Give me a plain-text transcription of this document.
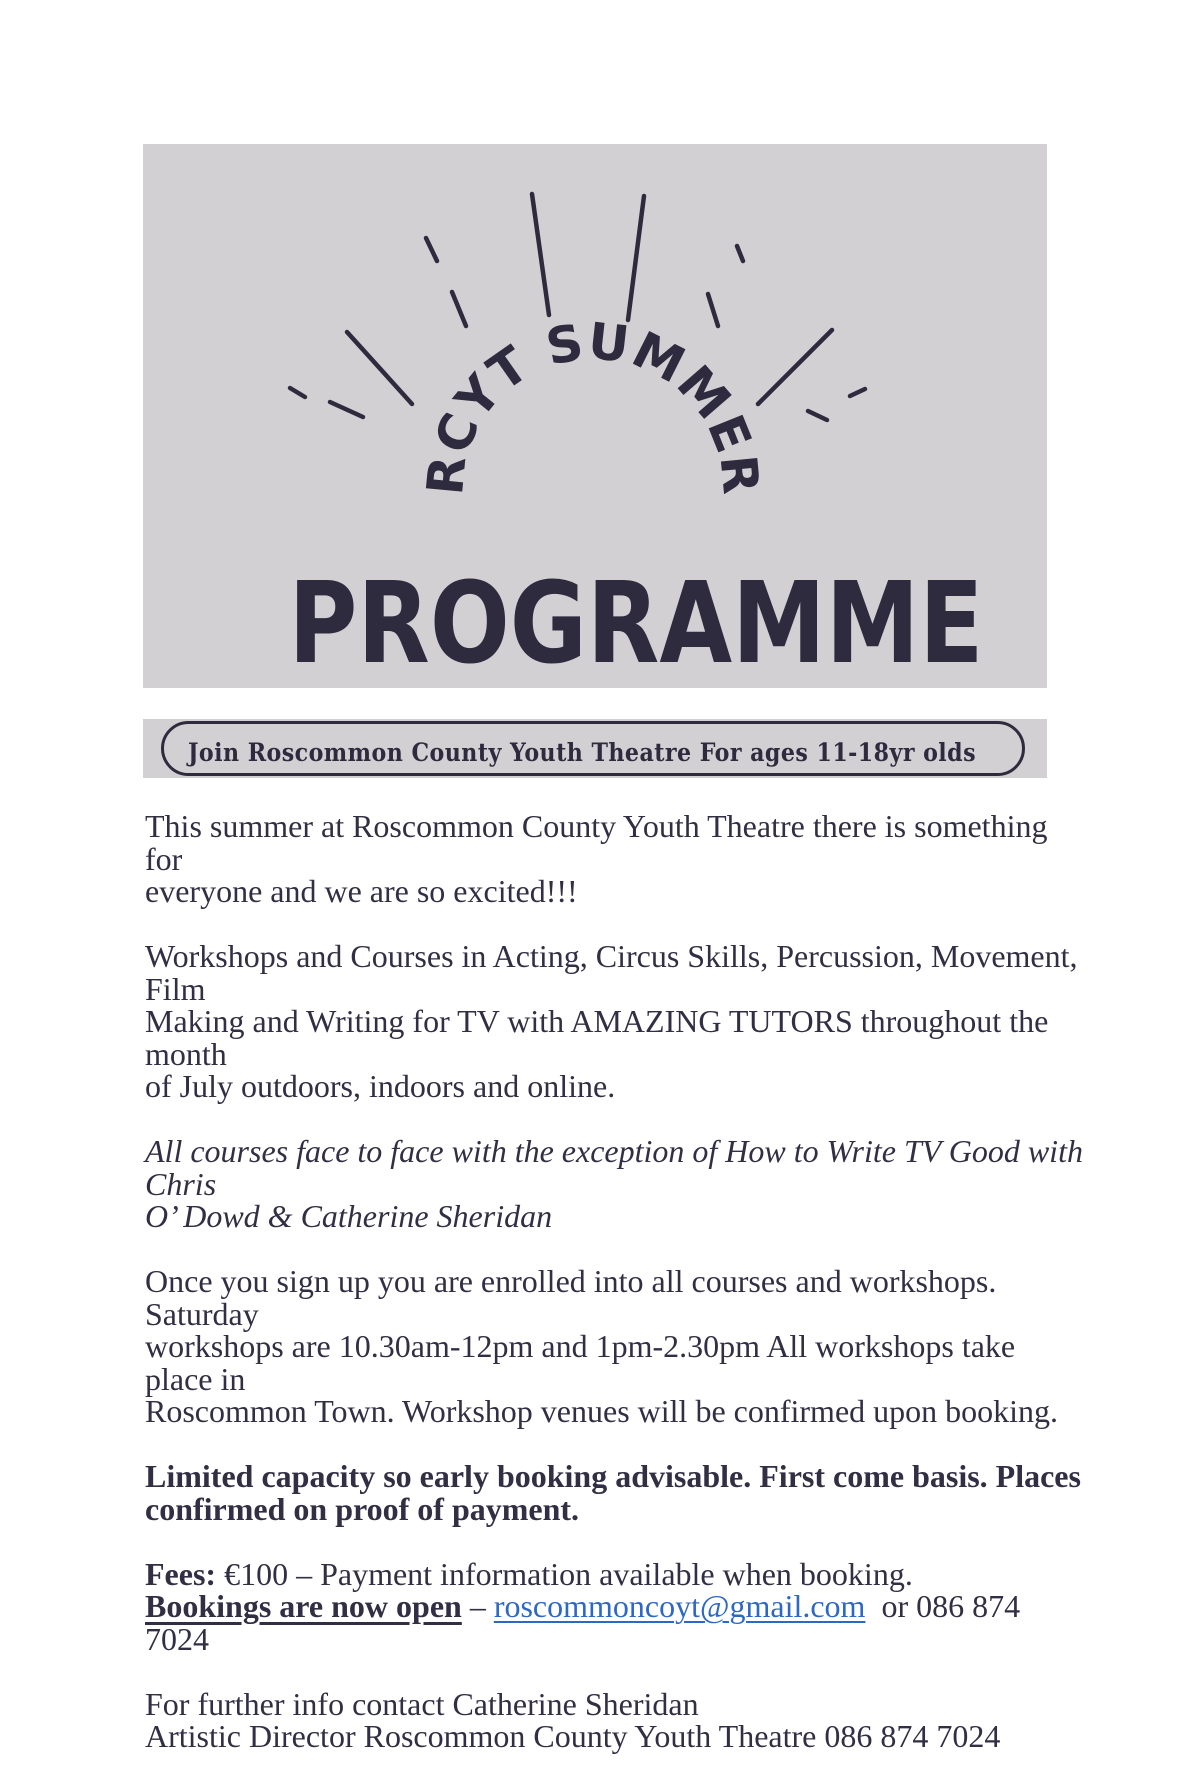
RCYT SUMMER
PROGRAMME
Join Roscommon County Youth Theatre For ages 11-18yr olds

This summer at Roscommon County Youth Theatre there is something for
everyone and we are so excited!!!

Workshops and Courses in Acting, Circus Skills, Percussion, Movement, Film
Making and Writing for TV with AMAZING TUTORS throughout the month
of July outdoors, indoors and online.

All courses face to face with the exception of How to Write TV Good with Chris
O’ Dowd & Catherine Sheridan

Once you sign up you are enrolled into all courses and workshops. Saturday
workshops are 10.30am-12pm and 1pm-2.30pm All workshops take place in
Roscommon Town. Workshop venues will be confirmed upon booking.

Limited capacity so early booking advisable. First come basis. Places
confirmed on proof of payment.

Fees: €100 – Payment information available when booking.
Bookings are now open – roscommoncoyt@gmail.com  or 086 874 7024

For further info contact Catherine Sheridan
Artistic Director Roscommon County Youth Theatre 086 874 7024
